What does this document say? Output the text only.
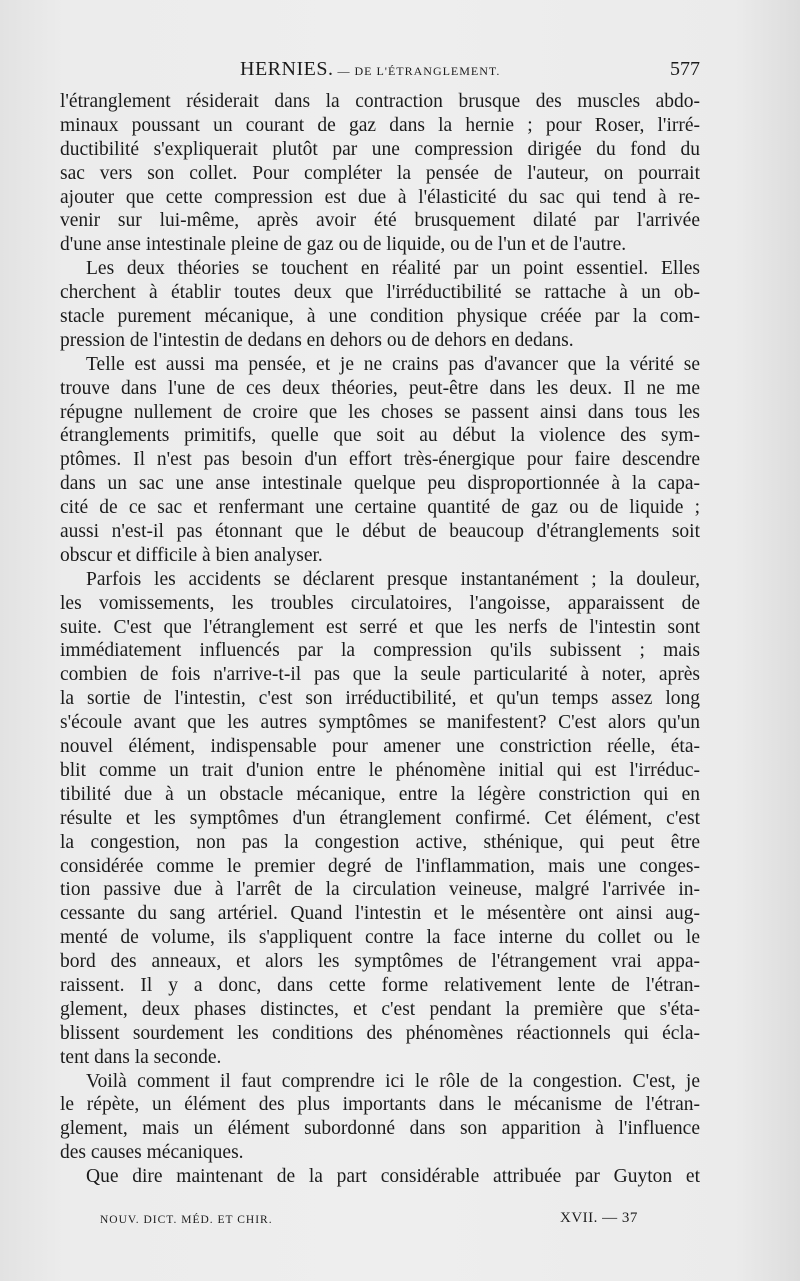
HERNIES. — DE L'ÉTRANGLEMENT.	577
l'étranglement résiderait dans la contraction brusque des muscles abdo-
minaux poussant un courant de gaz dans la hernie ; pour Roser, l'irré-
ductibilité s'expliquerait plutôt par une compression dirigée du fond du
sac vers son collet. Pour compléter la pensée de l'auteur, on pourrait
ajouter que cette compression est due à l'élasticité du sac qui tend à re-
venir sur lui-même, après avoir été brusquement dilaté par l'arrivée
d'une anse intestinale pleine de gaz ou de liquide, ou de l'un et de l'autre.
Les deux théories se touchent en réalité par un point essentiel. Elles
cherchent à établir toutes deux que l'irréductibilité se rattache à un ob-
stacle purement mécanique, à une condition physique créée par la com-
pression de l'intestin de dedans en dehors ou de dehors en dedans.
Telle est aussi ma pensée, et je ne crains pas d'avancer que la vérité se
trouve dans l'une de ces deux théories, peut-être dans les deux. Il ne me
répugne nullement de croire que les choses se passent ainsi dans tous les
étranglements primitifs, quelle que soit au début la violence des sym-
ptômes. Il n'est pas besoin d'un effort très-énergique pour faire descendre
dans un sac une anse intestinale quelque peu disproportionnée à la capa-
cité de ce sac et renfermant une certaine quantité de gaz ou de liquide ;
aussi n'est-il pas étonnant que le début de beaucoup d'étranglements soit
obscur et difficile à bien analyser.
Parfois les accidents se déclarent presque instantanément ; la douleur,
les vomissements, les troubles circulatoires, l'angoisse, apparaissent de
suite. C'est que l'étranglement est serré et que les nerfs de l'intestin sont
immédiatement influencés par la compression qu'ils subissent ; mais
combien de fois n'arrive-t-il pas que la seule particularité à noter, après
la sortie de l'intestin, c'est son irréductibilité, et qu'un temps assez long
s'écoule avant que les autres symptômes se manifestent? C'est alors qu'un
nouvel élément, indispensable pour amener une constriction réelle, éta-
blit comme un trait d'union entre le phénomène initial qui est l'irréduc-
tibilité due à un obstacle mécanique, entre la légère constriction qui en
résulte et les symptômes d'un étranglement confirmé. Cet élément, c'est
la congestion, non pas la congestion active, sthénique, qui peut être
considérée comme le premier degré de l'inflammation, mais une conges-
tion passive due à l'arrêt de la circulation veineuse, malgré l'arrivée in-
cessante du sang artériel. Quand l'intestin et le mésentère ont ainsi aug-
menté de volume, ils s'appliquent contre la face interne du collet ou le
bord des anneaux, et alors les symptômes de l'étrangement vrai appa-
raissent. Il y a donc, dans cette forme relativement lente de l'étran-
glement, deux phases distinctes, et c'est pendant la première que s'éta-
blissent sourdement les conditions des phénomènes réactionnels qui écla-
tent dans la seconde.
Voilà comment il faut comprendre ici le rôle de la congestion. C'est, je
le répète, un élément des plus importants dans le mécanisme de l'étran-
glement, mais un élément subordonné dans son apparition à l'influence
des causes mécaniques.
Que dire maintenant de la part considérable attribuée par Guyton et
NOUV. DICT. MÉD. ET CHIR.	XVII. — 37
